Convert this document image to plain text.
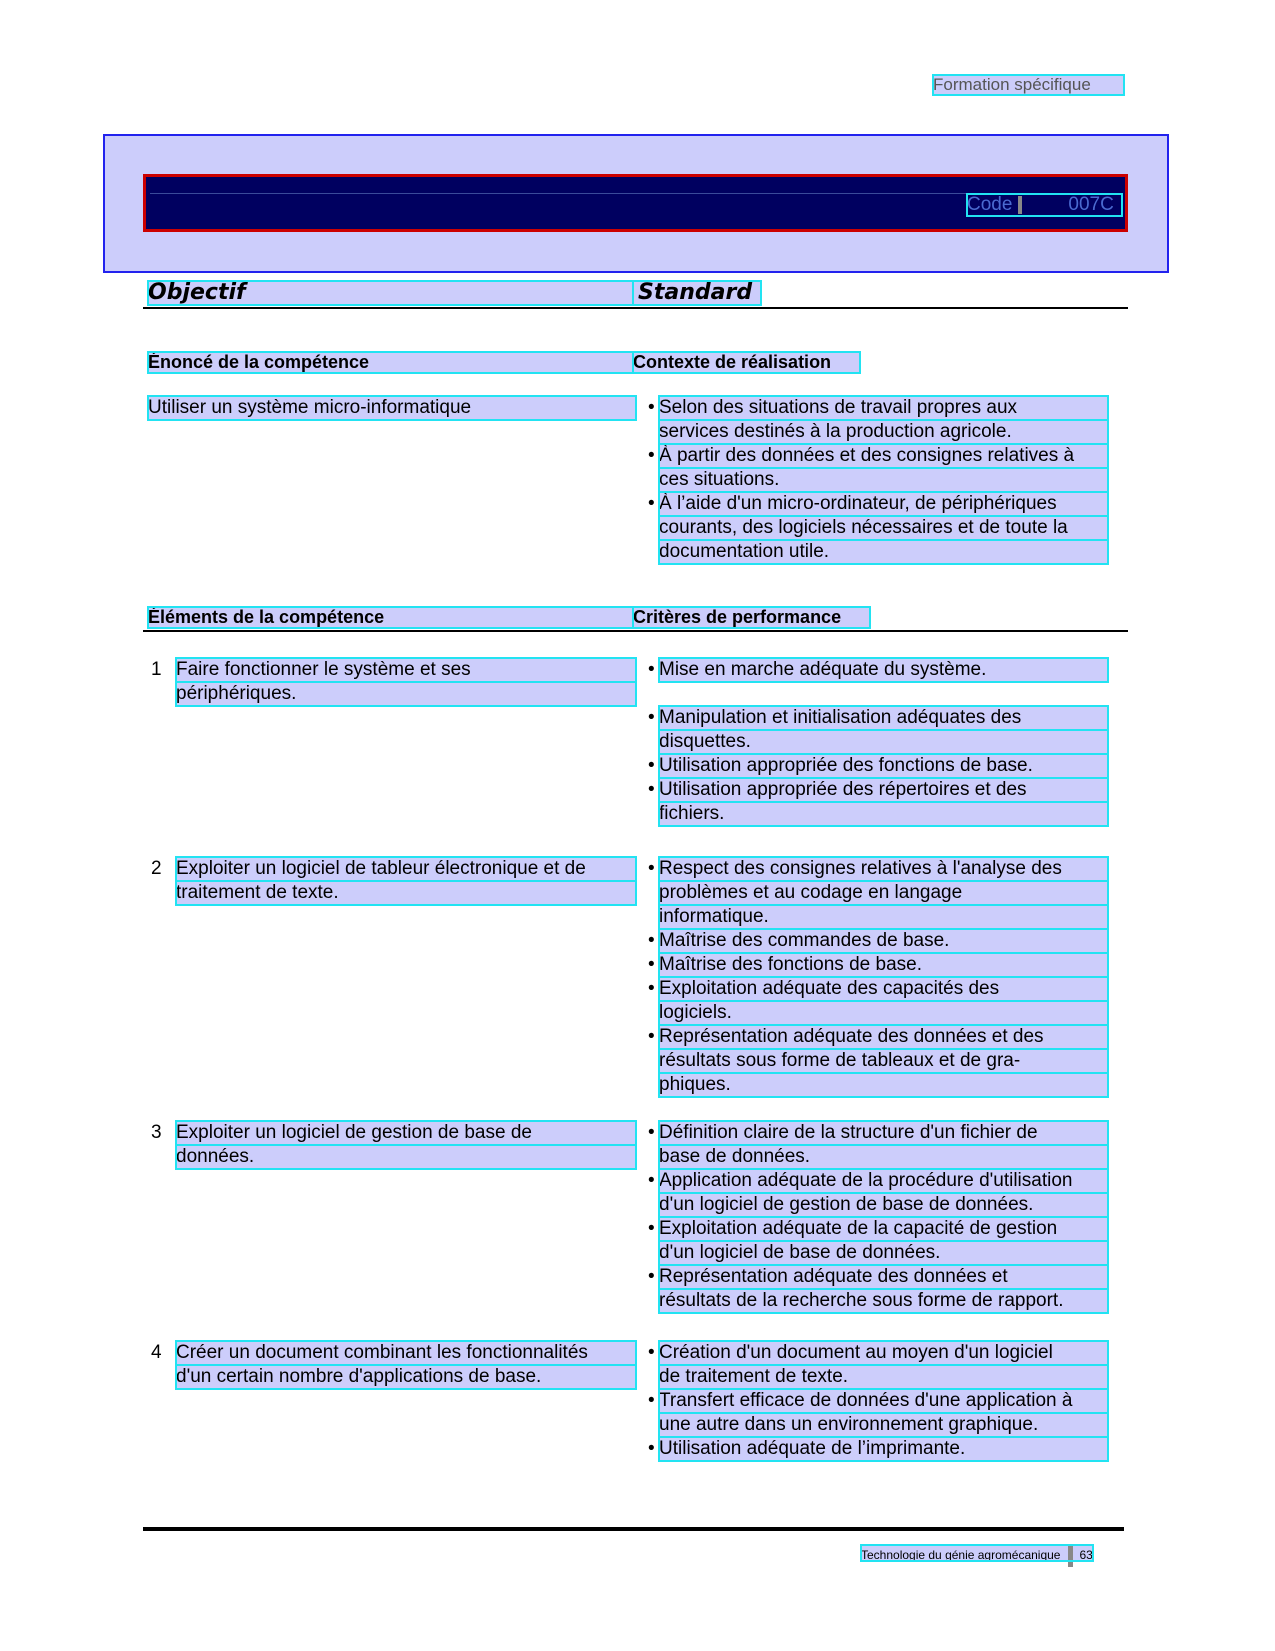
Formation spécifique
Code	007C
Objectif	Standard
Énoncé de la compétence	Contexte de réalisation
Utiliser un système micro-informatique	• Selon des situations de travail propres aux
services destinés à la production agricole.
• À partir des données et des consignes relatives à
ces situations.
• À l’aide d'un micro-ordinateur, de périphériques
courants, des logiciels nécessaires et de toute la
documentation utile.
Éléments de la compétence	Critères de performance
1 Faire fonctionner le système et ses
périphériques.
• Mise en marche adéquate du système.
• Manipulation et initialisation adéquates des
disquettes.
• Utilisation appropriée des fonctions de base.
• Utilisation appropriée des répertoires et des
fichiers.
2 Exploiter un logiciel de tableur électronique et de
traitement de texte.
• Respect des consignes relatives à l'analyse des
problèmes et au codage en langage
informatique.
• Maîtrise des commandes de base.
• Maîtrise des fonctions de base.
• Exploitation adéquate des capacités des
logiciels.
• Représentation adéquate des données et des
résultats sous forme de tableaux et de gra-
phiques.
3 Exploiter un logiciel de gestion de base de
données.
• Définition claire de la structure d'un fichier de
base de données.
• Application adéquate de la procédure d'utilisation
d'un logiciel de gestion de base de données.
• Exploitation adéquate de la capacité de gestion
d'un logiciel de base de données.
• Représentation adéquate des données et
résultats de la recherche sous forme de rapport.
4 Créer un document combinant les fonctionnalités
d'un certain nombre d'applications de base.
• Création d'un document au moyen d'un logiciel
de traitement de texte.
• Transfert efficace de données d'une application à
une autre dans un environnement graphique.
• Utilisation adéquate de l’imprimante.
Technologie du génie agromécanique 63
